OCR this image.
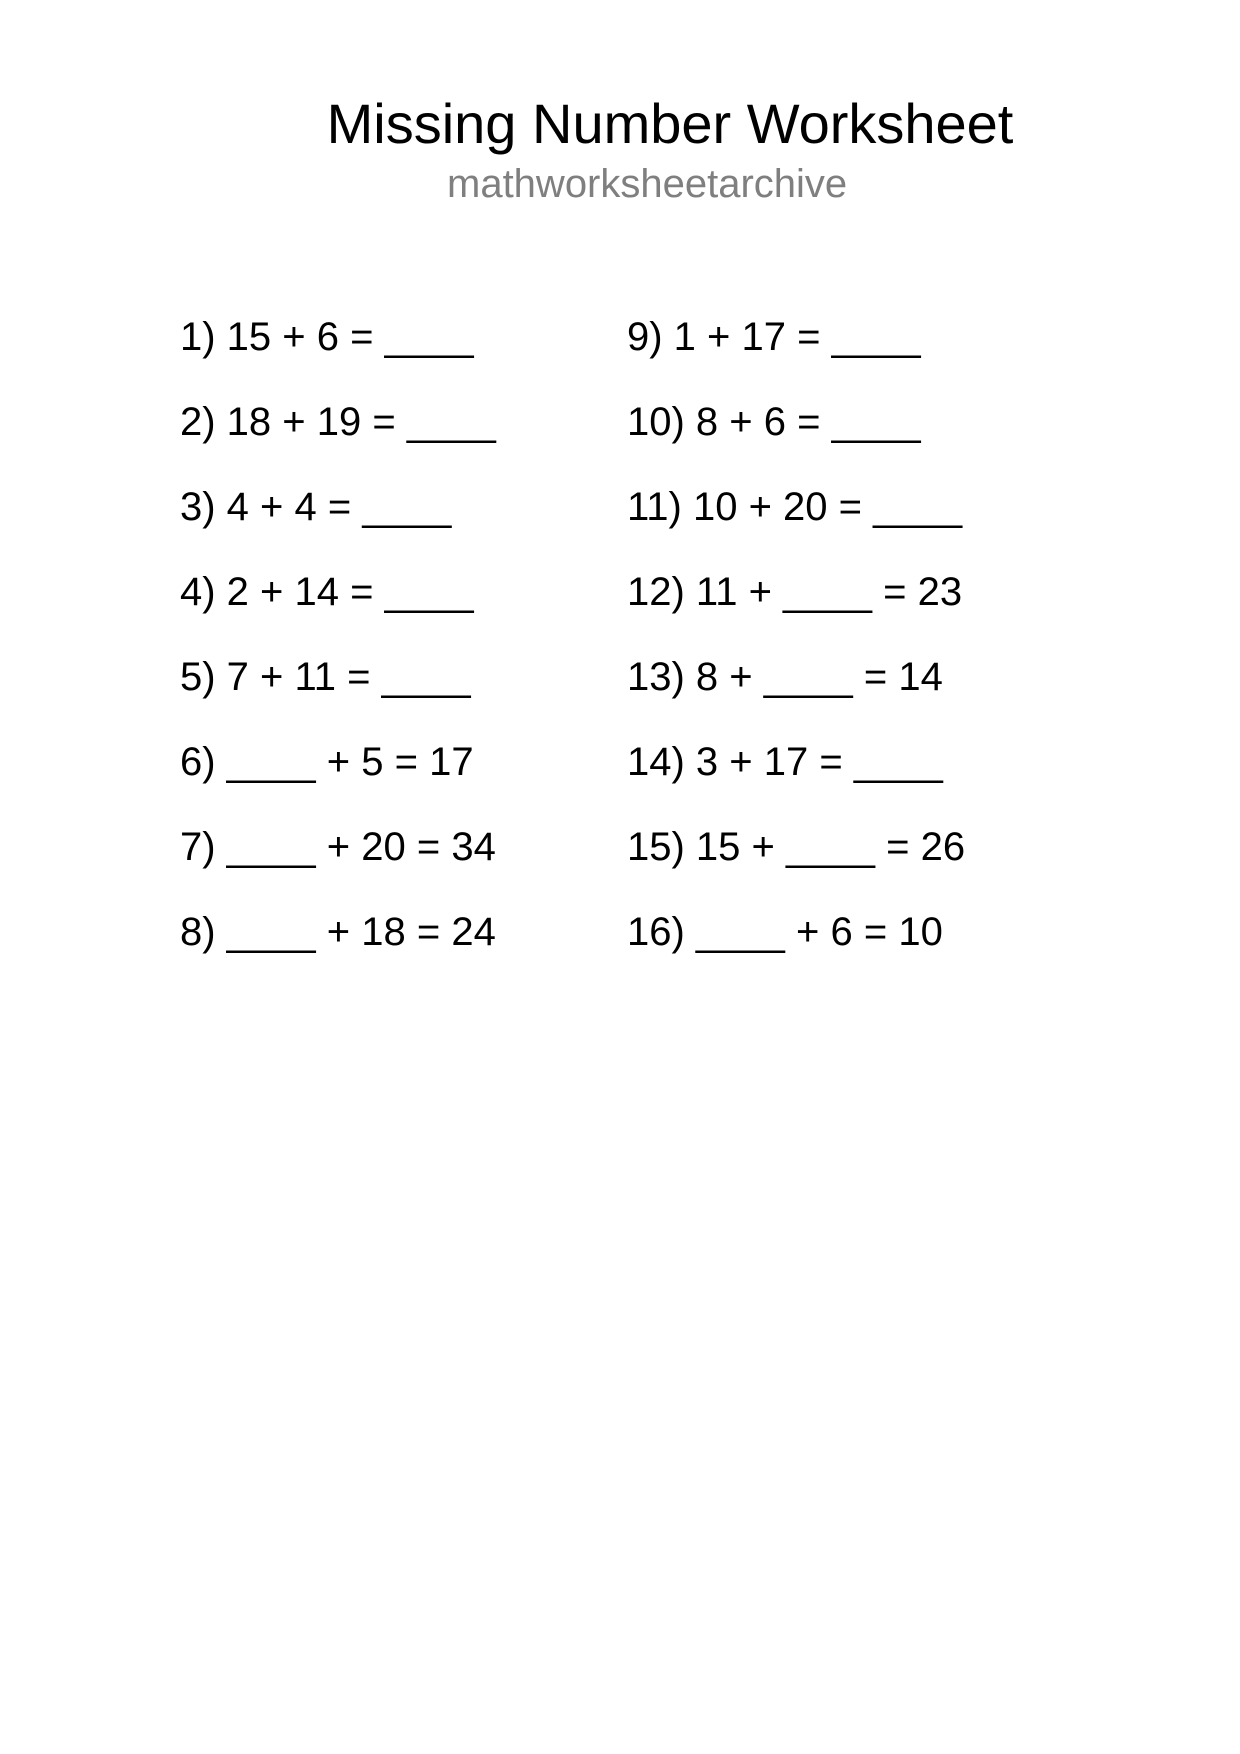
Missing Number Worksheet
mathworksheetarchive
1) 15 + 6 = ____
2) 18 + 19 = ____
3) 4 + 4 = ____
4) 2 + 14 = ____
5) 7 + 11 = ____
6) ____ + 5 = 17
7) ____ + 20 = 34
8) ____ + 18 = 24
9) 1 + 17 = ____
10) 8 + 6 = ____
11) 10 + 20 = ____
12) 11 + ____ = 23
13) 8 + ____ = 14
14) 3 + 17 = ____
15) 15 + ____ = 26
16) ____ + 6 = 10
